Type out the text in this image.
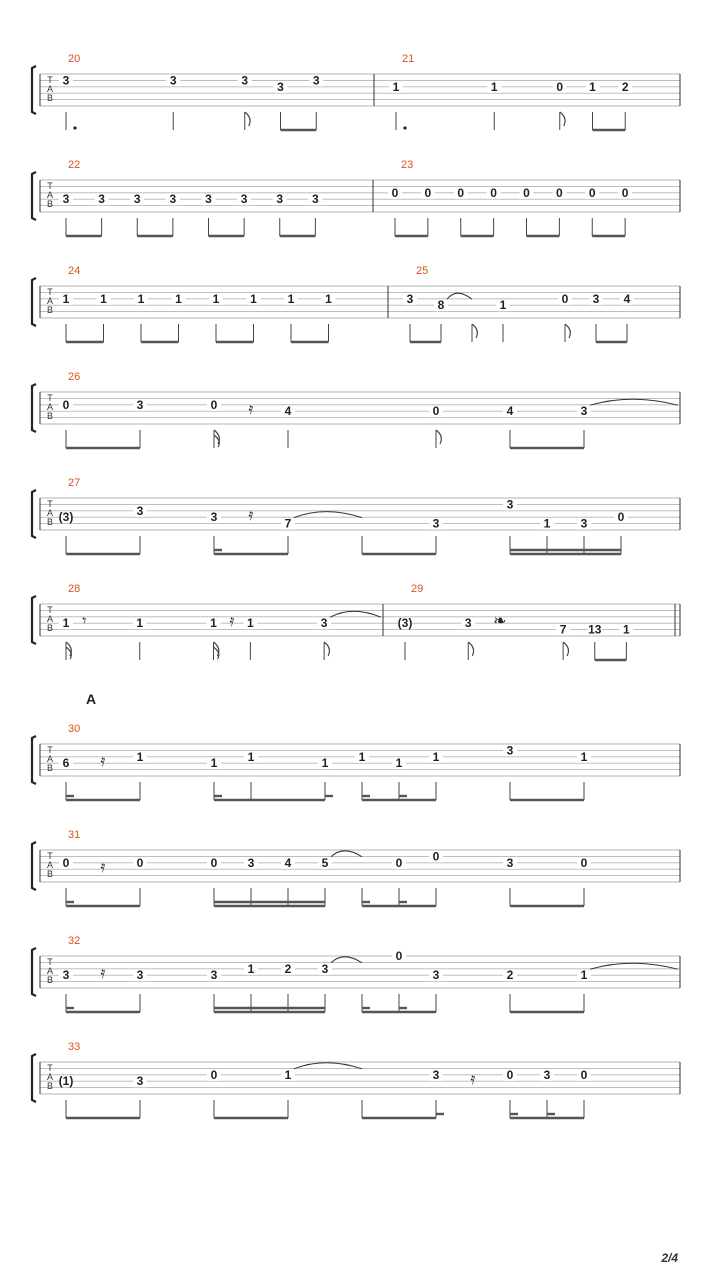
T
A
B
20
3	3	3 3 3
21
1	1	0 1 2
T
A
B
22
3 3 3 3 3 3 3 3
23
0 0 0 0 0 0 0 0
T
A
B
24
1	1	1	1	1	1	1	1
25
3 8	1	0 3 4
T
A
B
26
0	3	0 𝄿	4	0	4	3
T
A
B
27
(3)	3	3 𝄿	7	3
3
1	3	0
T
A
B
28
1 𝄾	1	1 𝄿 1	3
29
(3)	3 ❧	7 13 1
T
A
B
A
30
6 𝄿	1	1	1	1	1	1	1	3	1
T
A
B
31
0 𝄿	0	0	3	4	5	0	0	3	0
T
A
B
32
3 𝄿	3	3	1	2	3
0
3	2	1
T
A
B
33
(1)	3	0	1	3 𝄿	0	3	0
2/4
